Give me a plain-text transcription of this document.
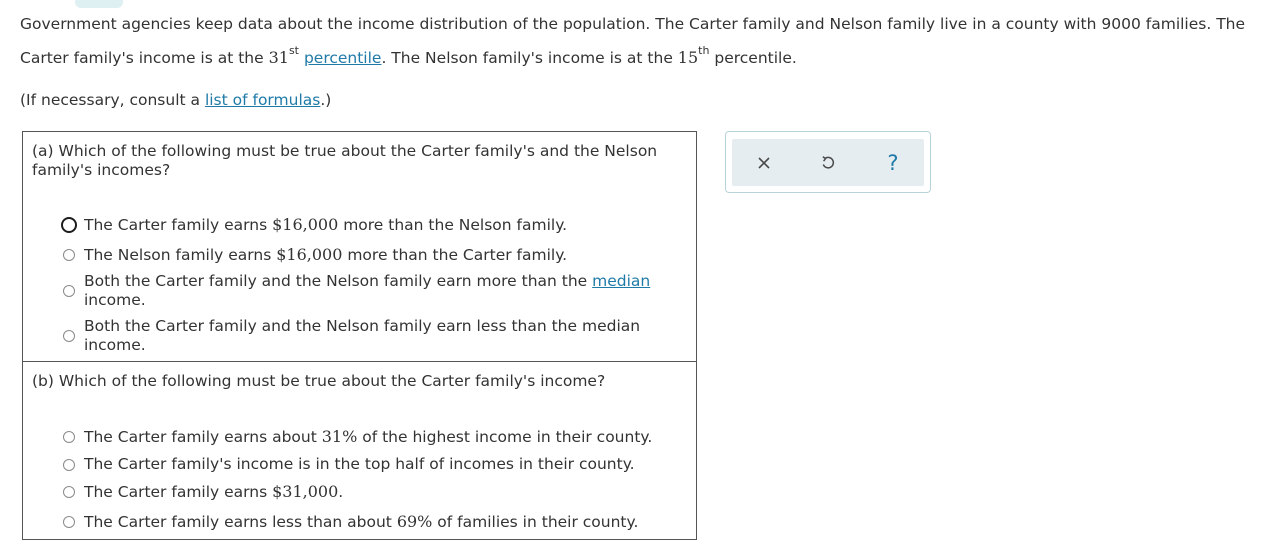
Government agencies keep data about the income distribution of the population. The Carter family and Nelson family live in a county with 9000 families. The
Carter family's income is at the 31st percentile. The Nelson family's income is at the 15th percentile.
(If necessary, consult a list of formulas.)
(a) Which of the following must be true about the Carter family's and the Nelson family's incomes?
The Carter family earns $16,000 more than the Nelson family.
The Nelson family earns $16,000 more than the Carter family.
Both the Carter family and the Nelson family earn more than the median income.
Both the Carter family and the Nelson family earn less than the median income.
(b) Which of the following must be true about the Carter family's income?
The Carter family earns about 31% of the highest income in their county.
The Carter family's income is in the top half of incomes in their county.
The Carter family earns $31,000.
The Carter family earns less than about 69% of families in their county.
?
